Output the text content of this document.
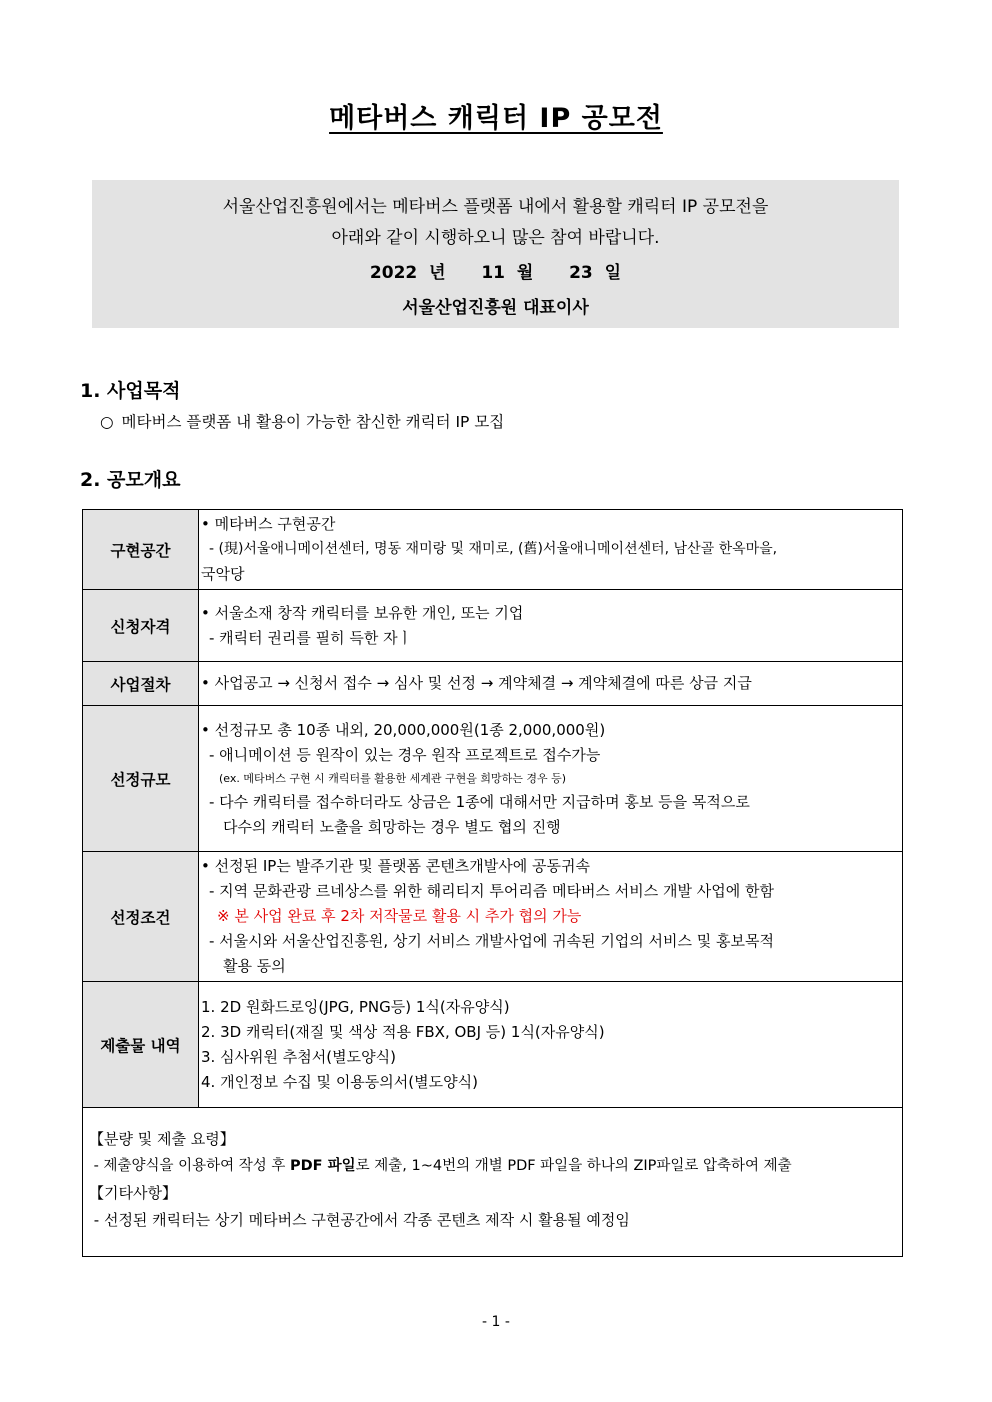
메타버스 캐릭터 IP 공모전
서울산업진흥원에서는 메타버스 플랫폼 내에서 활용할 캐릭터 IP 공모전을
아래와 같이 시행하오니 많은 참여 바랍니다.
2022 년   11 월   23 일
서울산업진흥원 대표이사
1. 사업목적
○ 메타버스 플랫폼 내 활용이 가능한 참신한 캐릭터 IP 모집
2. 공모개요
구현공간	• 메타버스 구현공간
- (現)서울애니메이션센터, 명동 재미랑 및 재미로, (舊)서울애니메이션센터, 남산골 한옥마을,
국악당

신청자격	• 서울소재 창작 캐릭터를 보유한 개인, 또는 기업
- 캐릭터 권리를 필히 득한 자ㅣ

사업절차	• 사업공고 → 신청서 접수 → 심사 및 선정 → 계약체결 → 계약체결에 따른 상금 지급

선정규모	• 선정규모 총 10종 내외, 20,000,000원(1종 2,000,000원)
- 애니메이션 등 원작이 있는 경우 원작 프로젝트로 접수가능
(ex. 메타버스 구현 시 캐릭터를 활용한 세계관 구현을 희망하는 경우 등)
- 다수 캐릭터를 접수하더라도 상금은 1종에 대해서만 지급하며 홍보 등을 목적으로
다수의 캐릭터 노출을 희망하는 경우 별도 협의 진행

선정조건	• 선정된 IP는 발주기관 및 플랫폼 콘텐츠개발사에 공동귀속
- 지역 문화관광 르네상스를 위한 해리티지 투어리즘 메타버스 서비스 개발 사업에 한함
※ 본 사업 완료 후 2차 저작물로 활용 시 추가 협의 가능
- 서울시와 서울산업진흥원, 상기 서비스 개발사업에 귀속된 기업의 서비스 및 홍보목적
활용 동의

제출물 내역	1. 2D 원화드로잉(JPG, PNG등) 1식(자유양식)
2. 3D 캐릭터(재질 및 색상 적용 FBX, OBJ 등) 1식(자유양식)
3. 심사위원 추첨서(별도양식)
4. 개인정보 수집 및 이용동의서(별도양식)

【분량 및 제출 요령】
- 제출양식을 이용하여 작성 후 PDF 파일로 제출, 1~4번의 개별 PDF 파일을 하나의 ZIP파일로 압축하여 제출
【기타사항】
- 선정된 캐릭터는 상기 메타버스 구현공간에서 각종 콘텐츠 제작 시 활용될 예정임	
- 1 -
